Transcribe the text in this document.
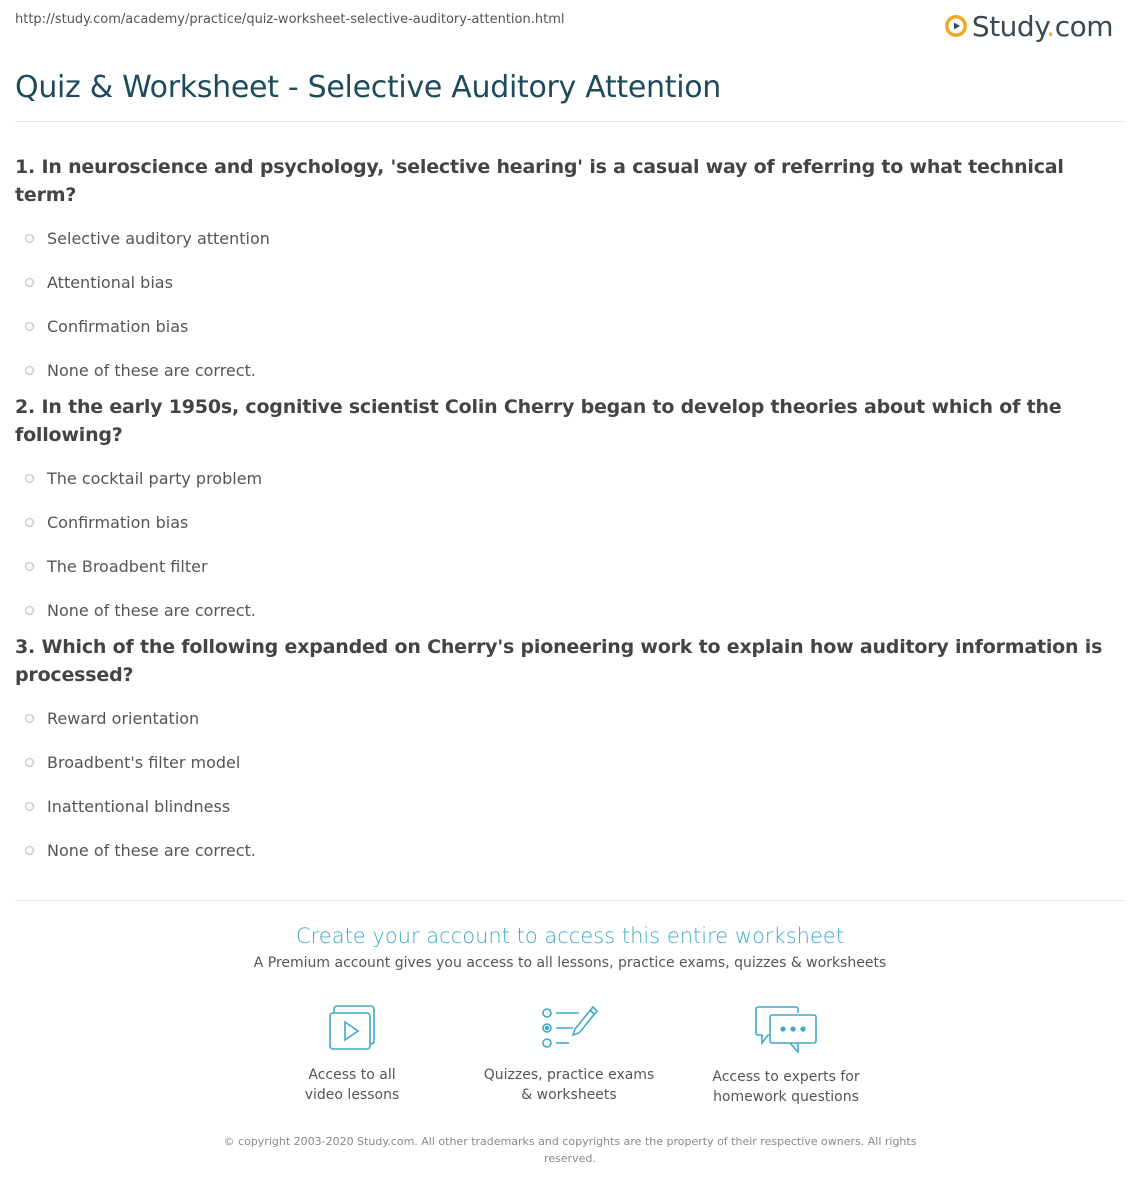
http://study.com/academy/practice/quiz-worksheet-selective-auditory-attention.html	Study.com
Quiz & Worksheet - Selective Auditory Attention

1. In neuroscience and psychology, 'selective hearing' is a casual way of referring to what technical term?

Selective auditory attention
Attentional bias
Confirmation bias
None of these are correct.

2. In the early 1950s, cognitive scientist Colin Cherry began to develop theories about which of the following?

The cocktail party problem
Confirmation bias
The Broadbent filter
None of these are correct.

3. Which of the following expanded on Cherry's pioneering work to explain how auditory information is processed?

Reward orientation
Broadbent's filter model
Inattentional blindness
None of these are correct.

Create your account to access this entire worksheet

A Premium account gives you access to all lessons, practice exams, quizzes & worksheets

Access to all
video lessons
Quizzes, practice exams
& worksheets
Access to experts for
homework questions
© copyright 2003-2020 Study.com. All other trademarks and copyrights are the property of their respective owners. All rights reserved.
